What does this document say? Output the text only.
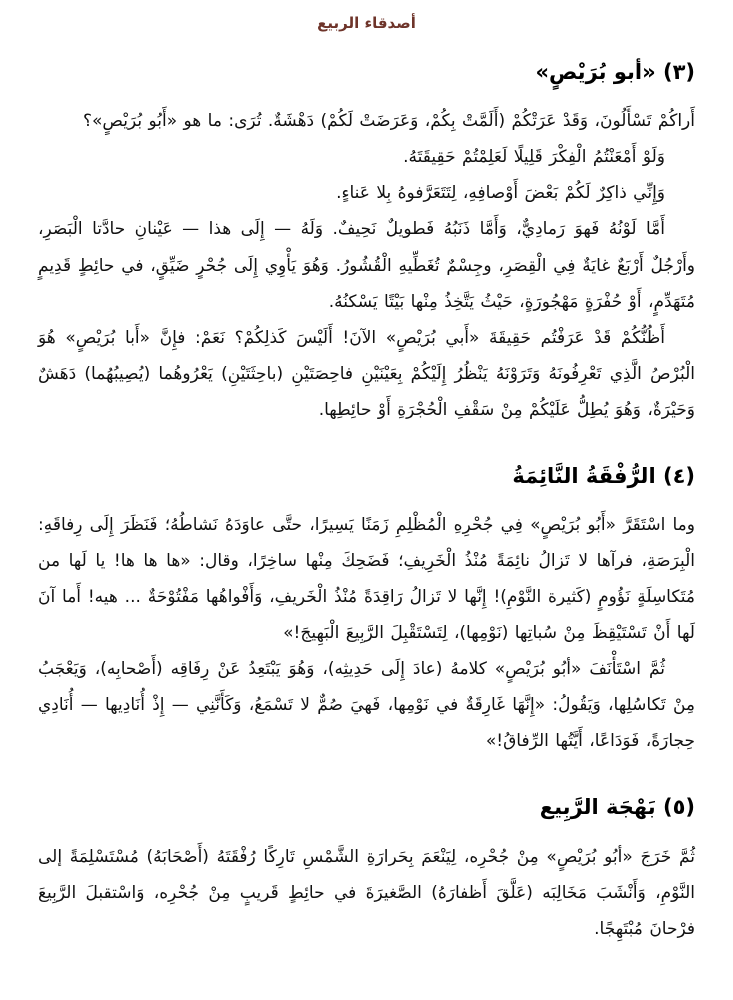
أصدقاء الربيع
(٣) «أبو بُرَيْصٍ»

أَراكُمْ تَسْأَلُونَ، وَقَدْ عَرَتْكُمْ (أَلَمَّتْ بِكُمْ، وَعَرَضَتْ لَكُمْ) دَهْشَةٌ. تُرَى: ما هو «أَبُو بُرَيْصٍ»؟

وَلَوْ أَمْعَنْتُمُ الْفِكْرَ قَلِيلًا لَعَلِمْتُمْ حَقِيقَتَهُ.

وَإِنِّي ذاكِرٌ لَكُمْ بَعْضَ أَوْصافِهِ، لِتَتَعَرَّفوهُ بِلا عَناءٍ.

أَمَّا لَوْنُهُ فَهوَ رَمادِيٌّ، وَأَمَّا ذَنَبُهُ فَطويلٌ نَحِيفٌ. وَلَهُ — إِلَى هذا — عَيْنانِ حادَّتا الْبَصَرِ، وأَرْجُلٌ أَرْبَعٌ غايَةٌ فِي الْقِصَرِ، وجِسْمٌ تُغَطِّيهِ الْقُشُورُ. وَهُوَ يَأْوِي إِلَى جُحْرٍ ضَيِّقٍ، في حائِطٍ قَدِيمٍ مُتَهَدِّمٍ، أَوْ حُفْرَةٍ مَهْجُورَةٍ، حَيْثُ يَتَّخِذُ مِنْها بَيْتًا يَسْكنُهُ.

أَظُنُّكُمْ قَدْ عَرَفْتُم حَقِيقَةَ «أَبي بُرَيْصٍ» الآنَ! أَلَيْسَ كَذلِكُمْ؟ نَعَمْ: فإِنَّ «أَبا بُرَيْصٍ» هُوَ الْبُرْصُ الَّذِي تَعْرِفُونَهُ وَتَرَوْنَهُ يَنْظُرُ إِلَيْكُمْ بِعَيْنَيْنِ فاحِصَتَيْنِ (باحِثَتَيْنِ) يَعْرُوهُما (يُصِيبُهُما) دَهَشٌ وَحَيْرَةٌ، وَهُوَ يُطِلُّ عَلَيْكُمْ مِنْ سَقْفِ الْحُجْرَةِ أَوْ حائِطِها.

(٤) الرُّفْقَةُ النَّائِمَةُ

وما اسْتَقَرَّ «أَبُو بُرَيْصٍ» فِي جُحْرِهِ الْمُظْلِمِ زَمَنًا يَسِيرًا، حتَّى عاوَدَهُ نَشاطُهُ؛ فَنَظَرَ إِلَى رِفاقَهِ: الْبِرَصَةِ، فرآها لا تَزالُ نائِمَةً مُنْذُ الْخَرِيفِ؛ فَضَحِكَ مِنْها ساخِرًا، وقال: «ها ها ها! يا لَها من مُتَكاسِلَةٍ نَؤُومٍ (كَثيرة النَّوْمِ)! إِنَّها لا تَزالُ رَاقِدَةً مُنْذُ الْخَريفِ، وَأَفْواهُها مَفْتُوْحَةٌ ... هيه! أَما آنَ لَها أَنْ تَسْتَيْقِظَ مِنْ سُباتِها (نَوْمِها)، لِتَسْتَقْبِلَ الرَّبِيعَ الْبَهِيجَ!»

ثُمَّ اسْتَأْنَفَ «أبُو بُرَيْصٍ» كلامهُ (عادَ إِلَى حَدِيثِه)، وَهُوَ يَبْتَعِدُ عَنْ رِفَاقِه (أَصْحابِه)، وَيَعْجَبُ مِنْ تَكاسُلِها، وَيَقُولُ: «إِنَّهَا غَارِقَةٌ في نَوْمِها، فَهيَ صُمٌّ لا تَسْمَعُ، وَكَأَنَّنِي — إِذْ أُنَادِيها — أُنَادِي حِجارَةً، فَوَدَاعًا، أَيَّتُها الرِّفاقُ!»

(٥) بَهْجَة الرَّبِيع

ثُمَّ خَرَجَ «أبُو بُرَيْصٍ» مِنْ جُحْرِه، لِيَنْعَمَ بِحَرارَةِ الشَّمْسِ تَارِكًا رُفْقَتَهُ (أَصْحَابَهُ) مُسْتَسْلِمَةً إلى النَّوْمِ، وَأَنْشَبَ مَخَالِبَه (عَلَّقَ أَظفارَهُ) الصَّغيرَةَ في حائِطٍ قَريبٍ مِنْ جُحْرِه، وَاسْتقبلَ الرَّبِيعَ فرْحانَ مُبْتَهِجًا.
